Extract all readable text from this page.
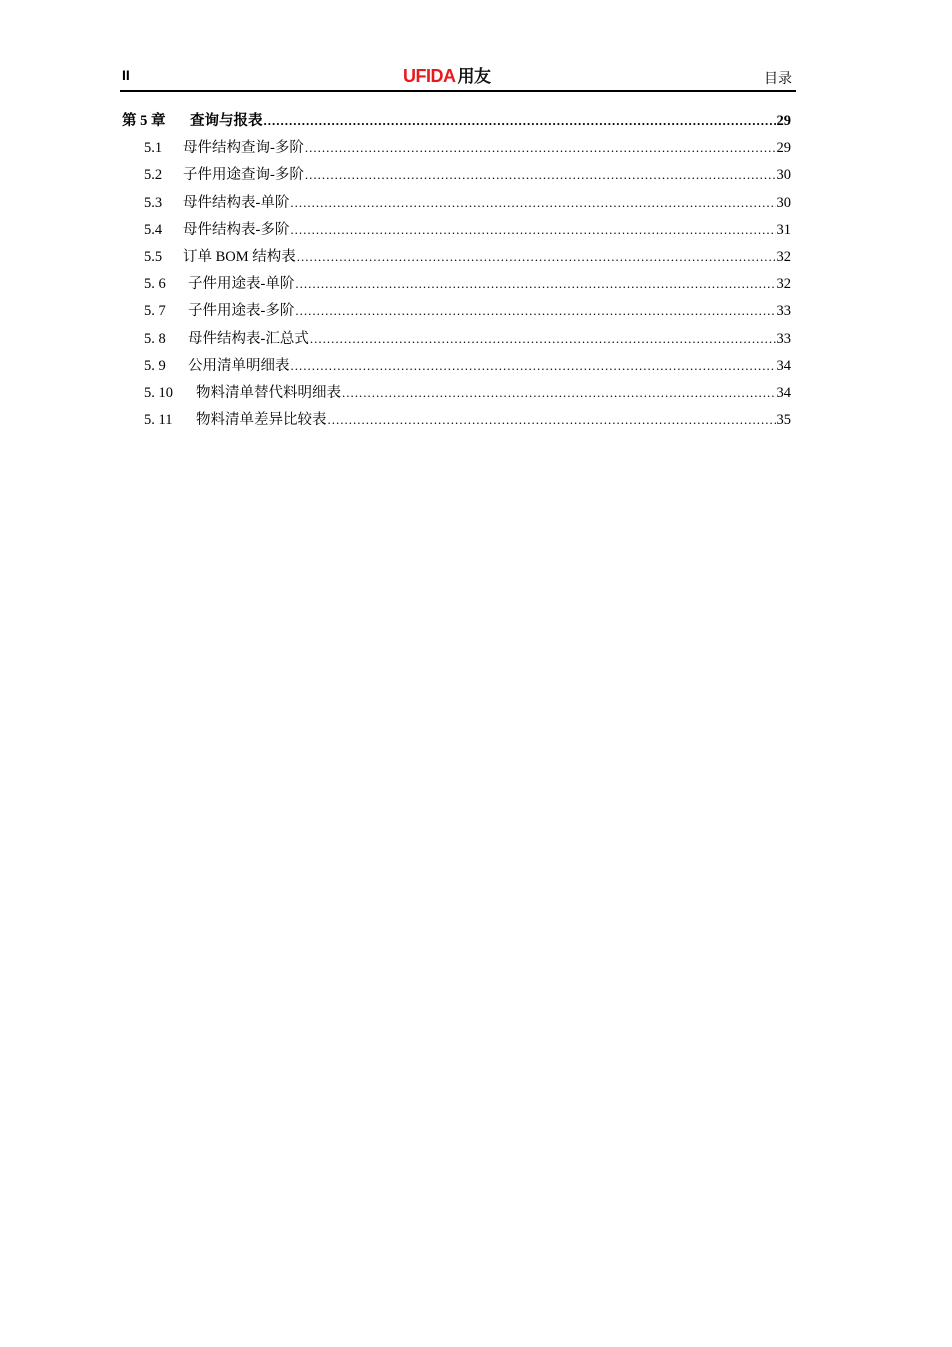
II	UFIDA 用友	目录
第 5 章	查询与报表 .....	29
5.1	母件结构查询-多阶 .....	29
5.2	子件用途查询-多阶 .....	30
5.3	母件结构表-单阶 .....	30
5.4	母件结构表-多阶 .....	31
5.5	订单 BOM 结构表 .....	32
5. 6	子件用途表-单阶 .....	32
5. 7	子件用途表-多阶 .....	33
5. 8	母件结构表-汇总式 .....	33
5. 9	公用清单明细表 .....	34
5. 10	物料清单替代料明细表 .....	34
5. 11	物料清单差异比较表 .....	35
